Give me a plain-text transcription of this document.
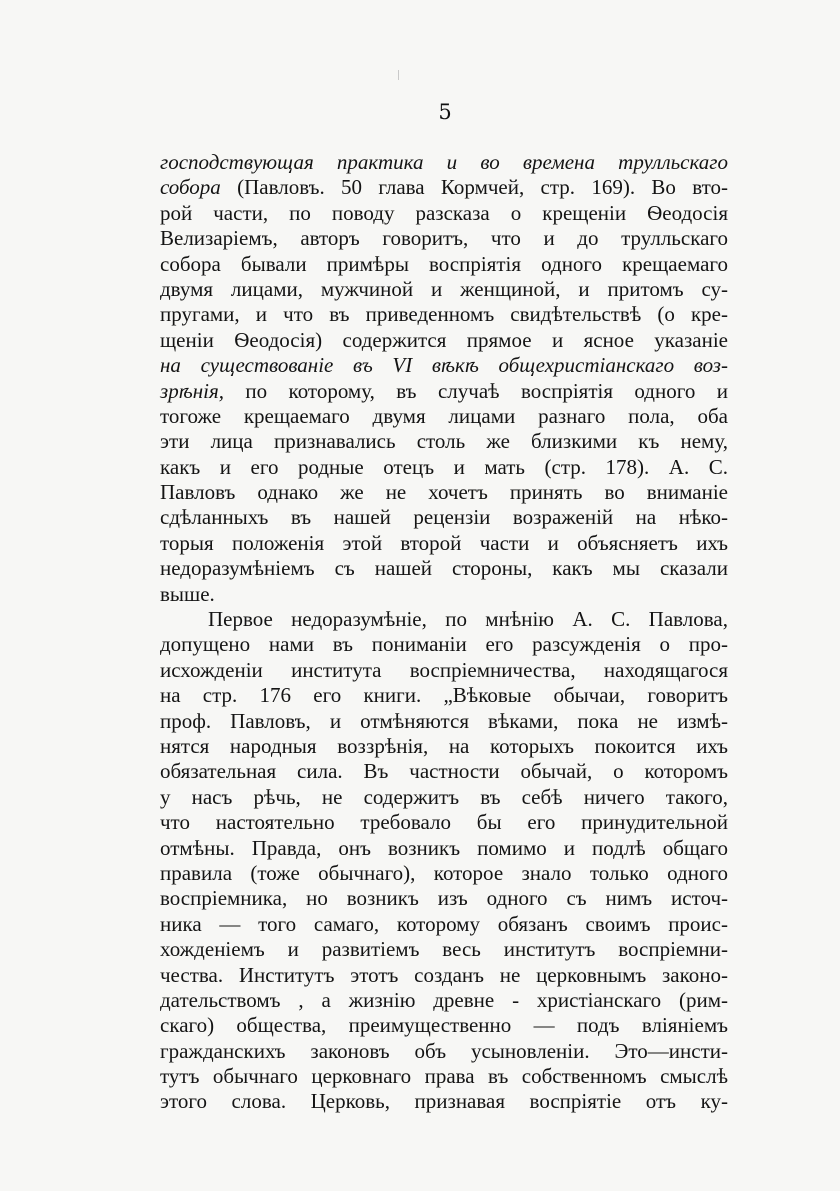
5
господствующая практика и во времена трулльскаго
собора (Павловъ. 50 глава Кормчей, стр. 169). Во вто-
рой части, по поводу разсказа о крещеніи Ѳеодосія
Велизаріемъ, авторъ говоритъ, что и до трулльскаго
собора бывали примѣры воспріятія одного крещаемаго
двумя лицами, мужчиной и женщиной, и притомъ су-
пругами, и что въ приведенномъ свидѣтельствѣ (о кре-
щеніи Ѳеодосія) содержится прямое и ясное указаніе
на существованіе въ VI вѣкѣ общехристіанскаго воз-
зрѣнія, по которому, въ случаѣ воспріятія одного и
тогоже крещаемаго двумя лицами разнаго пола, оба
эти лица признавались столь же близкими къ нему,
какъ и его родные отецъ и мать (стр. 178). А. С.
Павловъ однако же не хочетъ принять во вниманіе
сдѣланныхъ въ нашей рецензіи возраженій на нѣко-
торыя положенія этой второй части и объясняетъ ихъ
недоразумѣніемъ съ нашей стороны, какъ мы сказали
выше.
Первое недоразумѣніе, по мнѣнію А. С. Павлова,
допущено нами въ пониманіи его разсужденія о про-
исхожденіи института воспріемничества, находящагося
на стр. 176 его книги. „Вѣковые обычаи, говоритъ
проф. Павловъ, и отмѣняются вѣками, пока не измѣ-
нятся народныя воззрѣнія, на которыхъ покоится ихъ
обязательная сила. Въ частности обычай, о которомъ
у насъ рѣчь, не содержитъ въ себѣ ничего такого,
что настоятельно требовало бы его принудительной
отмѣны. Правда, онъ возникъ помимо и подлѣ общаго
правила (тоже обычнаго), которое знало только одного
воспріемника, но возникъ изъ одного съ нимъ источ-
ника — того самаго, которому обязанъ своимъ проис-
хожденіемъ и развитіемъ весь институтъ воспріемни-
чества. Институтъ этотъ созданъ не церковнымъ законо-
дательствомъ , а жизнію древне - христіанскаго (рим-
скаго) общества, преимущественно — подъ вліяніемъ
гражданскихъ законовъ объ усыновленіи. Это—инсти-
тутъ обычнаго церковнаго права въ собственномъ смыслѣ
этого слова. Церковь, признавая воспріятіе отъ ку-
